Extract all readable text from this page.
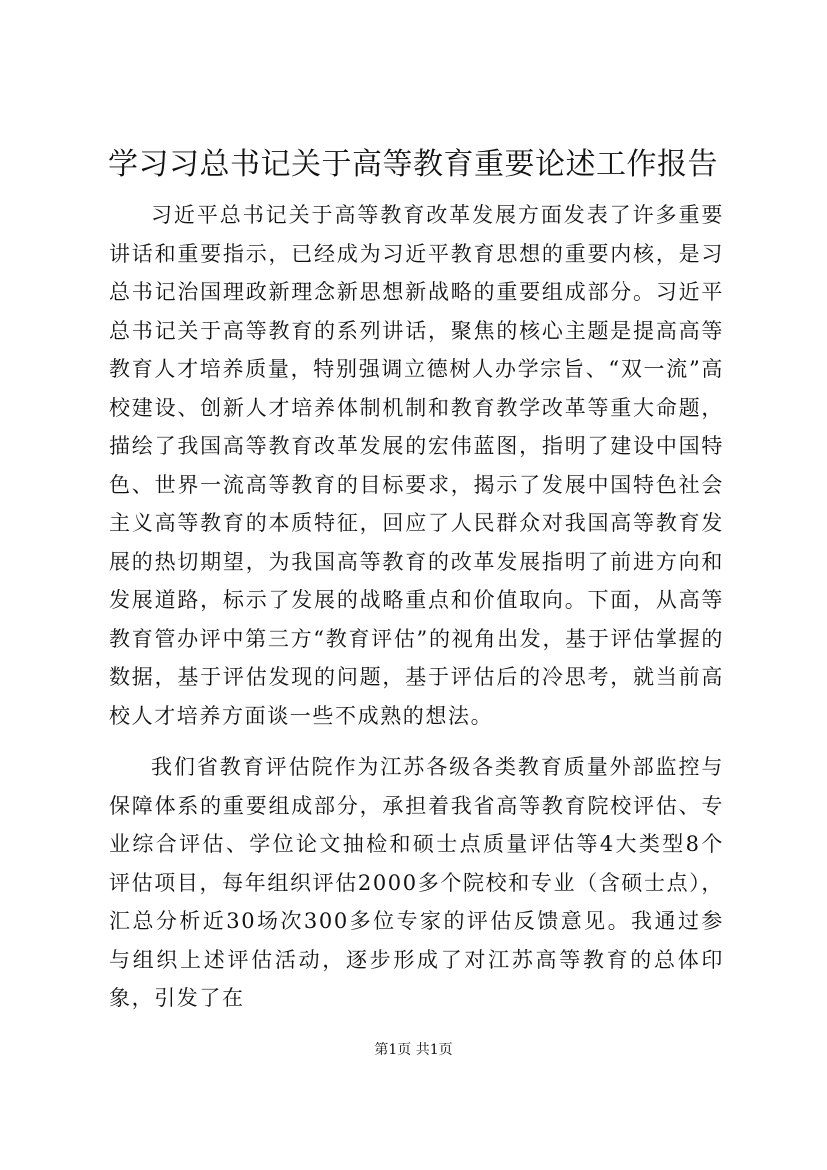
学习习总书记关于高等教育重要论述工作报告

习近平总书记关于高等教育改革发展方面发表了许多重要讲话和重要指示，已经成为习近平教育思想的重要内核，是习总书记治国理政新理念新思想新战略的重要组成部分。习近平总书记关于高等教育的系列讲话，聚焦的核心主题是提高高等教育人才培养质量，特别强调立德树人办学宗旨、“双一流”高校建设、创新人才培养体制机制和教育教学改革等重大命题，描绘了我国高等教育改革发展的宏伟蓝图，指明了建设中国特色、世界一流高等教育的目标要求，揭示了发展中国特色社会主义高等教育的本质特征，回应了人民群众对我国高等教育发展的热切期望，为我国高等教育的改革发展指明了前进方向和发展道路，标示了发展的战略重点和价值取向。下面，从高等教育管办评中第三方“教育评估”的视角出发，基于评估掌握的数据，基于评估发现的问题，基于评估后的冷思考，就当前高校人才培养方面谈一些不成熟的想法。

我们省教育评估院作为江苏各级各类教育质量外部监控与保障体系的重要组成部分，承担着我省高等教育院校评估、专业综合评估、学位论文抽检和硕士点质量评估等4大类型8个评估项目，每年组织评估2000多个院校和专业（含硕士点），汇总分析近30场次300多位专家的评估反馈意见。我通过参与组织上述评估活动，逐步形成了对江苏高等教育的总体印象，引发了在

第1页 共1页
